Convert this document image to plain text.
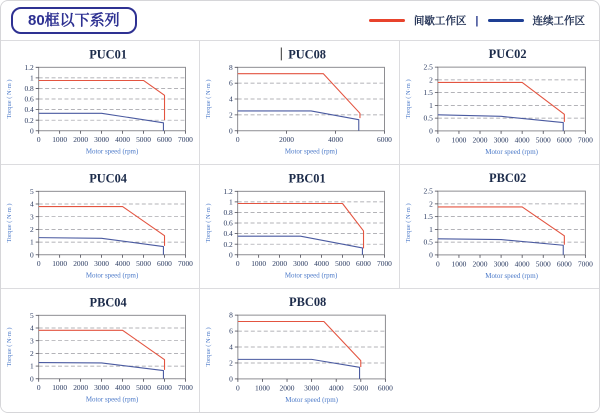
80框以下系列	间歇工作区 |	连续工作区
0
0.2
0.4
0.6
0.8
1
1.2
0 1000 2000 3000 4000 5000 6000 7000
PUC01
Torque ( N·m )
Motor speed (rpm)
0
2
4
6
8
0	2000	4000	6000
PUC08
Torque ( N·m )
Motor speed (rpm)
0
0.5
1
1.5
2
2.5
0 1000 2000 3000 4000 5000 6000 7000
PUC02
Torque ( N·m )
Motor speed (rpm)
0
1
2
3
4
5
0 1000 2000 3000 4000 5000 6000 7000
PUC04
Torque ( N·m )
Motor speed (rpm)
0
0.2
0.4
0.6
0.8
1
1.2
0 1000 2000 3000 4000 5000 6000 7000
PBC01
Torque ( N·m )
Motor speed (rpm)
0
0.5
1
1.5
2
2.5
0 1000 2000 3000 4000 5000 6000 7000
PBC02
Torque ( N·m )
Motor speed (rpm)
0
1
2
3
4
5
0 1000 2000 3000 4000 5000 6000 7000
PBC04
Torque ( N·m )
Motor speed (rpm)
0
2
4
6
8
0 1000 2000 3000 4000 5000 6000
PBC08
Torque ( N·m )
Motor speed (rpm)
